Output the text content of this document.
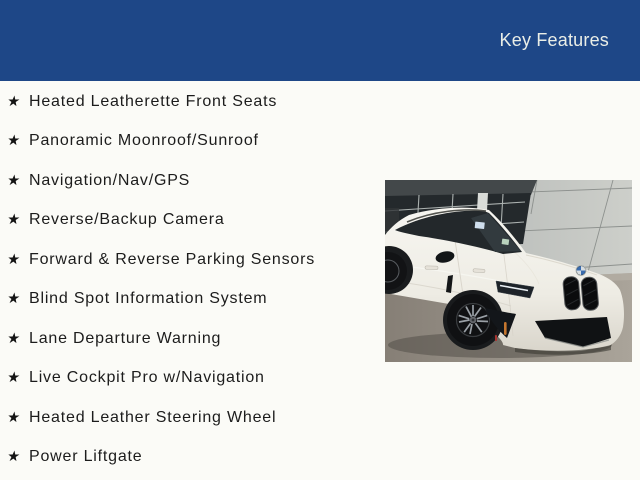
Key Features
★ Heated Leatherette Front Seats
★ Panoramic Moonroof/Sunroof
★ Navigation/Nav/GPS
★ Reverse/Backup Camera
★ Forward & Reverse Parking Sensors
★ Blind Spot Information System
★ Lane Departure Warning
★ Live Cockpit Pro w/Navigation
★ Heated Leather Steering Wheel
★ Power Liftgate
